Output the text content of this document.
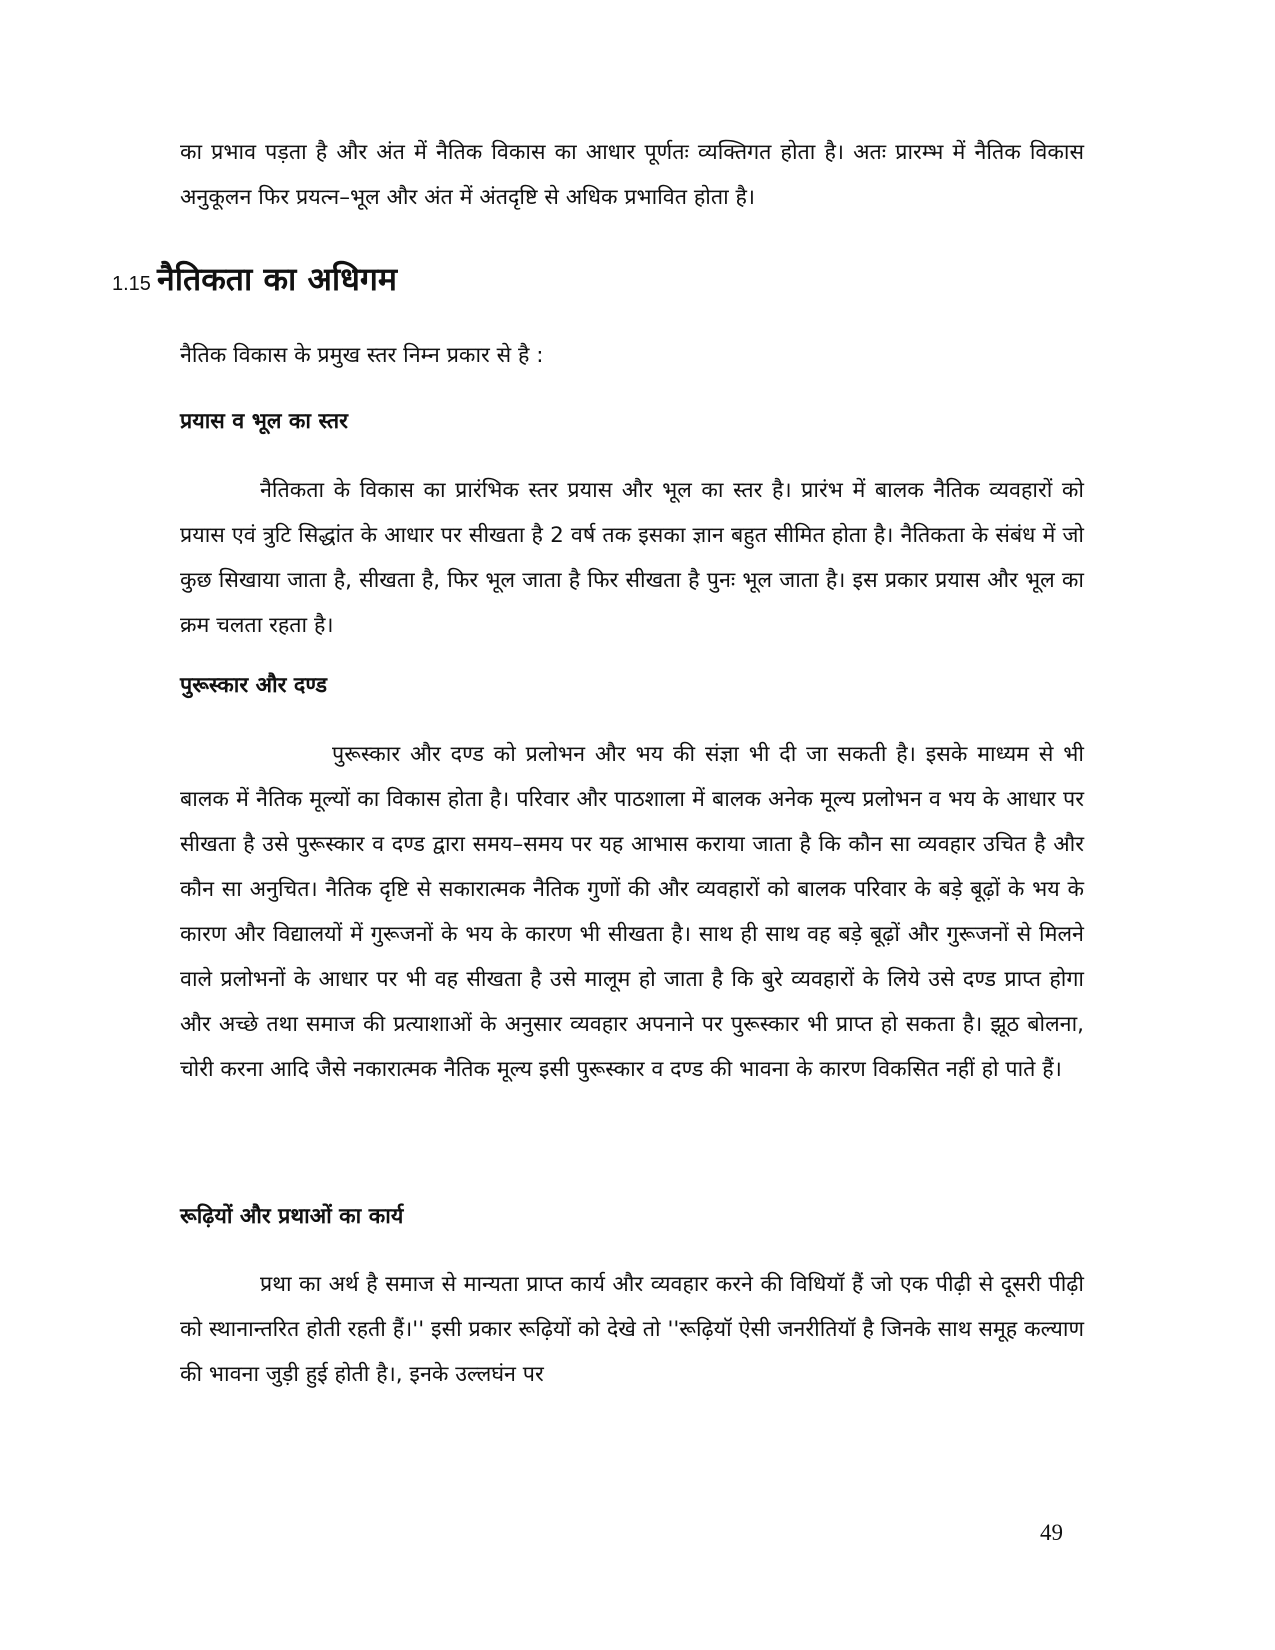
का प्रभाव पड़ता है और अंत में नैतिक विकास का आधार पूर्णतः व्यक्तिगत होता है। अतः प्रारम्भ में नैतिक विकास अनुकूलन फिर प्रयत्न–भूल और अंत में अंतदृष्टि से अधिक प्रभावित होता है।

1.15 नैतिकता का अधिगम

नैतिक विकास के प्रमुख स्तर निम्न प्रकार से है :

प्रयास व भूल का स्तर

नैतिकता के विकास का प्रारंभिक स्तर प्रयास और भूल का स्तर है। प्रारंभ में बालक नैतिक व्यवहारों को प्रयास एवं त्रुटि सिद्धांत के आधार पर सीखता है 2 वर्ष तक इसका ज्ञान बहुत सीमित होता है। नैतिकता के संबंध में जो कुछ सिखाया जाता है, सीखता है, फिर भूल जाता है फिर सीखता है पुनः भूल जाता है। इस प्रकार प्रयास और भूल का क्रम चलता रहता है।

पुरूस्कार और दण्ड

पुरूस्कार और दण्ड को प्रलोभन और भय की संज्ञा भी दी जा सकती है। इसके माध्यम से भी बालक में नैतिक मूल्यों का विकास होता है। परिवार और पाठशाला में बालक अनेक मूल्य प्रलोभन व भय के आधार पर सीखता है उसे पुरूस्कार व दण्ड द्वारा समय–समय पर यह आभास कराया जाता है कि कौन सा व्यवहार उचित है और कौन सा अनुचित। नैतिक दृष्टि से सकारात्मक नैतिक गुणों की और व्यवहारों को बालक परिवार के बड़े बूढ़ों के भय के कारण और विद्यालयों में गुरूजनों के भय के कारण भी सीखता है। साथ ही साथ वह बड़े बूढ़ों और गुरूजनों से मिलने वाले प्रलोभनों के आधार पर भी वह सीखता है उसे मालूम हो जाता है कि बुरे व्यवहारों के लिये उसे दण्ड प्राप्त होगा और अच्छे तथा समाज की प्रत्याशाओं के अनुसार व्यवहार अपनाने पर पुरूस्कार भी प्राप्त हो सकता है। झूठ बोलना, चोरी करना आदि जैसे नकारात्मक नैतिक मूल्य इसी पुरूस्कार व दण्ड की भावना के कारण विकसित नहीं हो पाते हैं।

रूढ़ियों और प्रथाओं का कार्य

प्रथा का अर्थ है समाज से मान्यता प्राप्त कार्य और व्यवहार करने की विधियॉ हैं जो एक पीढ़ी से दूसरी पीढ़ी को स्थानान्तरित होती रहती हैं।'' इसी प्रकार रूढ़ियों को देखे तो ''रूढ़ियॉ ऐसी जनरीतियॉ है जिनके साथ समूह कल्याण की भावना जुड़ी हुई होती है।, इनके उल्लघंन पर

49
